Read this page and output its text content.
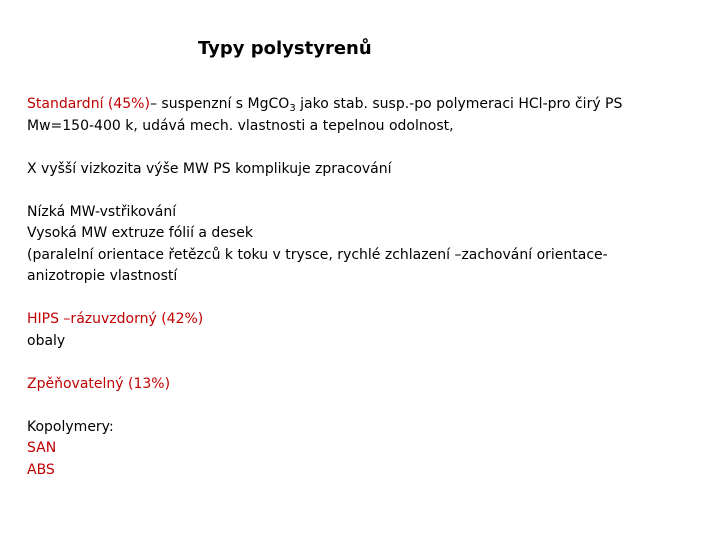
Typy polystyrenů
Standardní (45%)– suspenzní s MgCO$_3$ jako stab. susp.-po polymeraci HCl-pro čirý PS
Mw=150-400 k, udává mech. vlastnosti a tepelnou odolnost,
X vyšší vizkozita výše MW PS komplikuje zpracování
Nízká MW-vstřikování
Vysoká MW extruze fólií a desek
(paralelní orientace řetězců k toku v trysce, rychlé zchlazení –zachování orientace-
anizotropie vlastností
HIPS –rázuvzdorný (42%)
obaly
Zpěňovatelný (13%)
Kopolymery:
SAN
ABS
